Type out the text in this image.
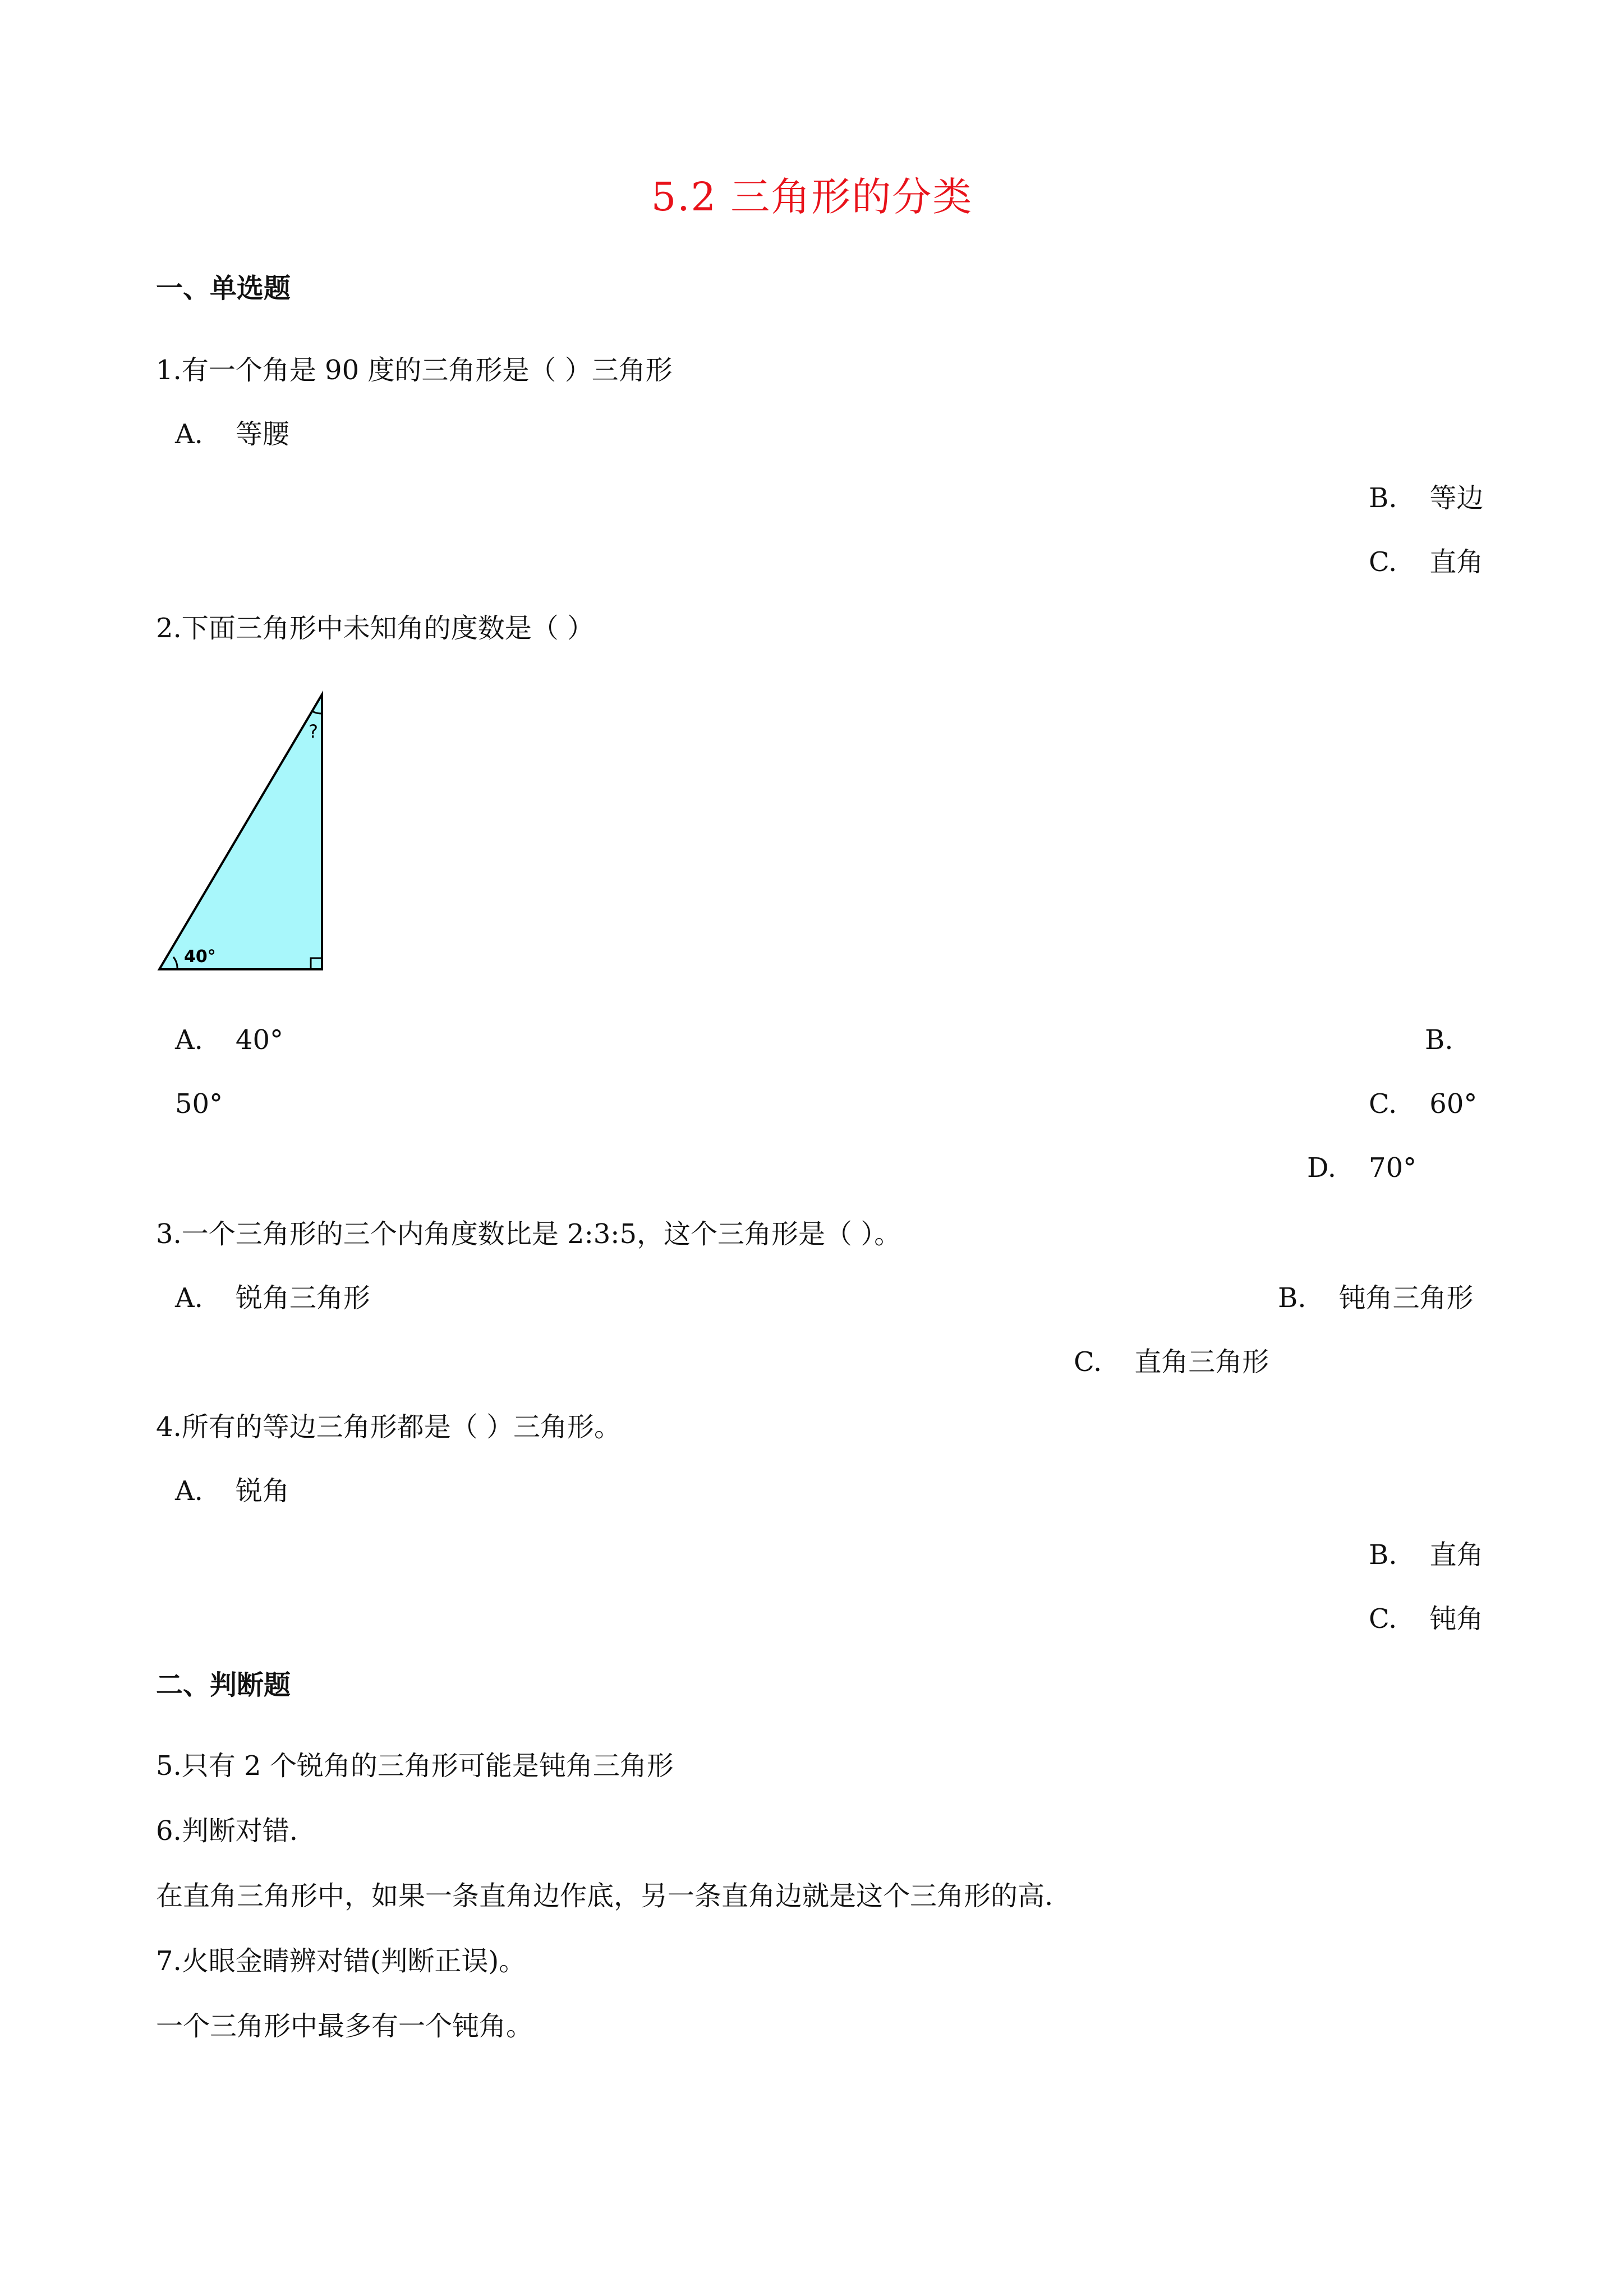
5.2 三角形的分类
一、单选题
1.有一个角是 90 度的三角形是（ ）三角形
A. 等腰
B. 等边
C. 直角
2.下面三角形中未知角的度数是（ ）
40°
?
A. 40°	B.
50°	C. 60°
D. 70°
3.一个三角形的三个内角度数比是 2:3:5，这个三角形是（ ）。
A. 锐角三角形	B. 钝角三角形
C. 直角三角形
4.所有的等边三角形都是（ ）三角形。
A. 锐角
B. 直角
C. 钝角
二、判断题
5.只有 2 个锐角的三角形可能是钝角三角形
6.判断对错.
在直角三角形中，如果一条直角边作底，另一条直角边就是这个三角形的高.
7.火眼金睛辨对错(判断正误)。
一个三角形中最多有一个钝角。
